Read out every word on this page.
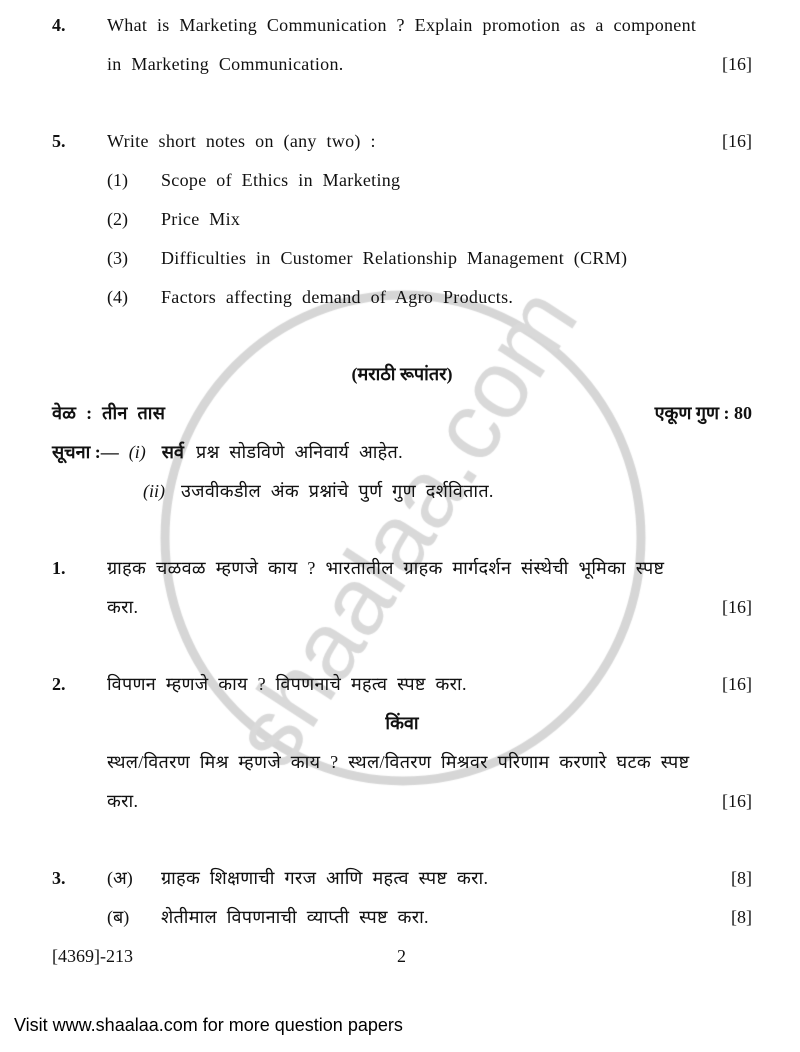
4.	What is Marketing Communication ? Explain promotion as a component
in Marketing Communication.	[16]
5.	Write short notes on (any two) :	[16]
(1)	Scope of Ethics in Marketing
(2)	Price Mix
(3)	Difficulties in Customer Relationship Management (CRM)
(4)	Factors affecting demand of Agro Products.
(मराठी रूपांतर)
वेळ : तीन तास	एकूण गुण : 80
सूचना :— (i) सर्व प्रश्न सोडविणे अनिवार्य आहेत.
(ii) उजवीकडील अंक प्रश्नांचे पुर्ण गुण दर्शवितात.
1.	ग्राहक चळवळ म्हणजे काय ? भारतातील ग्राहक मार्गदर्शन संस्थेची भूमिका स्पष्ट
करा.	[16]
2.	विपणन म्हणजे काय ? विपणनाचे महत्व स्पष्ट करा.	[16]
किंवा
स्थल/वितरण मिश्र म्हणजे काय ? स्थल/वितरण मिश्रवर परिणाम करणारे घटक स्पष्ट
करा.	[16]
3.	(अ)	ग्राहक शिक्षणाची गरज आणि महत्व स्पष्ट करा.	[8]
(ब)	शेतीमाल विपणनाची व्याप्ती स्पष्ट करा.	[8]
[4369]-213	2
Visit www.shaalaa.com for more question papers
